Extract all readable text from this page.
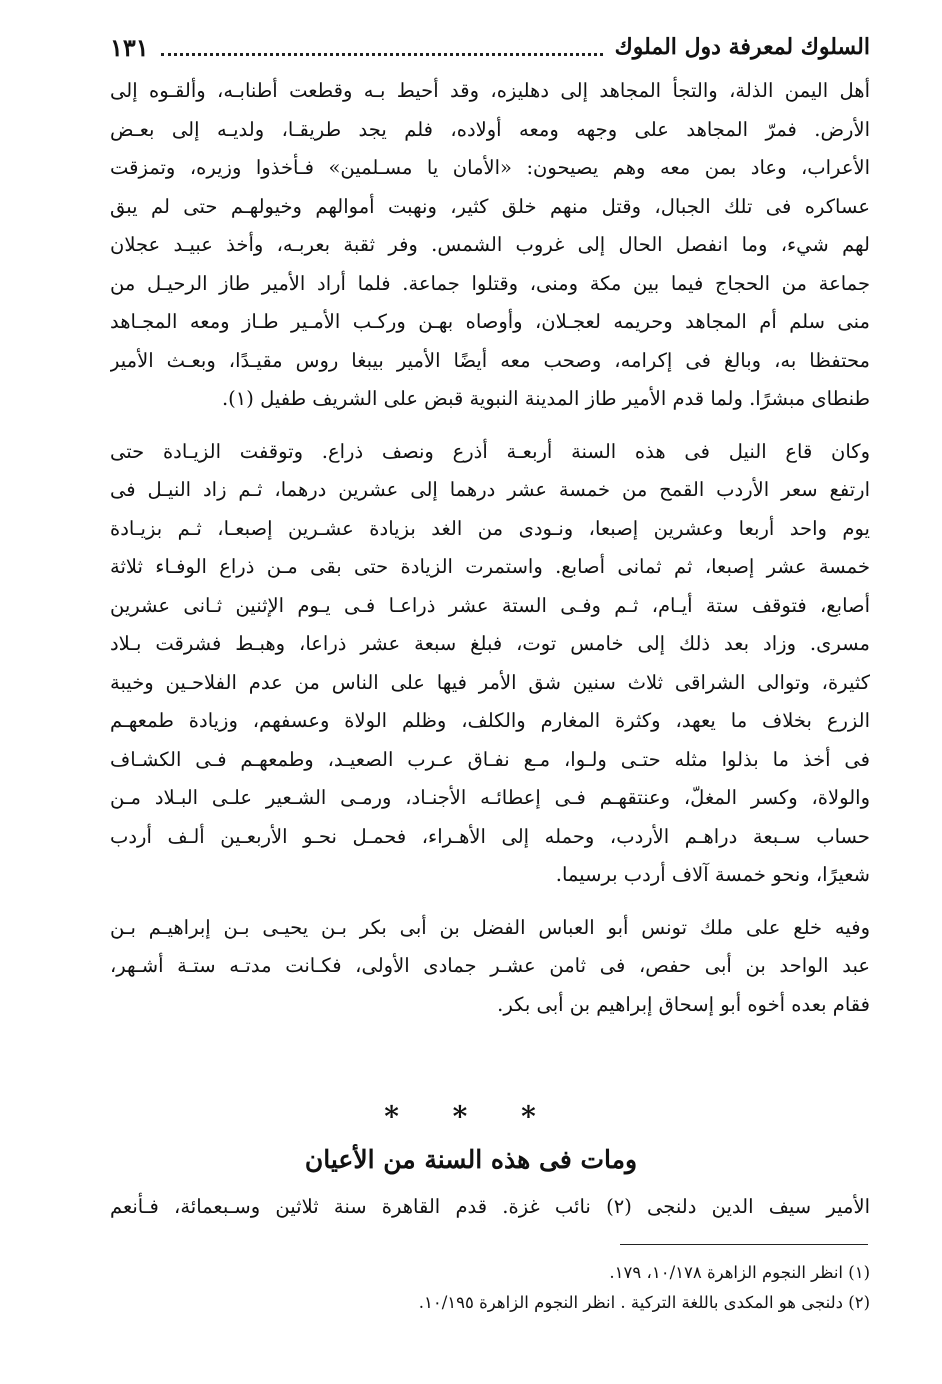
السلوك لمعرفة دول الملوك
١٣١

أهل اليمن الذلة، والتجأ المجاهد إلى دهليزه، وقد أحيط بـه وقطعت أطنابـه، وألقـوه إلى
الأرض. فمرّ المجاهد على وجهه ومعه أولاده، فلم يجد طريقـا، ولديـه إلى بعـض
الأعراب، وعاد بمن معه وهم يصيحون: «الأمان يا مسـلمين» فـأخذوا وزيره، وتمزقت
عساكره فى تلك الجبال، وقتل منهم خلق كثير، ونهبت أموالهم وخيولهـم حتى لم يبق
لهم شيء، وما انفصل الحال إلى غروب الشمس. وفر ثقبة بعربـه، وأخذ عبيـد عجلان
جماعة من الحجاج فيما بين مكة ومنى، وقتلوا جماعة. فلما أراد الأمير طاز الرحيـل من
منى سلم أم المجاهد وحريمه لعجـلان، وأوصاه بهـن وركـب الأمـير طـاز ومعه المجـاهد
محتفظا به، وبالغ فى إكرامه، وصحب معه أيضًا الأمير بيبغا روس مقيـدًا، وبعـث الأمير
طنطاى مبشرًا. ولما قدم الأمير طاز المدينة النبوية قبض على الشريف طفيل (١).

وكان قاع النيل فى هذه السنة أربعـة أذرع ونصف ذراع. وتوقفت الزيـادة حتى
ارتفع سعر الأردب القمح من خمسة عشر درهما إلى عشرين درهما، ثـم زاد النيـل فى
يوم واحد أربعا وعشرين إصبعا، ونـودى من الغد بزيادة عشـرين إصبعـا، ثـم بزيـادة
خمسة عشر إصبعا، ثم ثمانى أصابع. واستمرت الزيادة حتى بقى مـن ذراع الوفـاء ثلاثة
أصابع، فتوقف ستة أيـام، ثـم وفـى الستة عشر ذراعـا فـى يـوم الإثنين ثـانى عشرين
مسرى. وزاد بعد ذلك إلى خامس توت، فبلغ سبعة عشر ذراعا، وهبـط فشرقت بـلاد
كثيرة، وتوالى الشراقى ثلاث سنين شق الأمر فيها على الناس من عدم الفلاحـين وخيبة
الزرع بخلاف ما يعهد، وكثرة المغارم والكلف، وظلم الولاة وعسفهم، وزيادة طمعهـم
فى أخذ ما بذلوا مثله حتـى ولـوا، مـع نفـاق عـرب الصعيـد، وطمعهـم فـى الكشـاف
والولاة، وكسر المغلّ، وعنتقهـم فـى إعطائـه الأجنـاد، ورمـى الشـعير علـى البـلاد مـن
حساب سـبعة دراهـم الأردب، وحمله إلى الأهـراء، فحمـل نحـو الأربعـين ألـف أردب
شعيرًا، ونحو خمسة آلاف أردب برسيما.

وفيه خلع على ملك تونس أبو العباس الفضل بن أبى بكر بـن يحيـى بـن إبراهيـم بـن
عبد الواحد بن أبى حفص، فى ثامن عشـر جمادى الأولى، فكـانت مدتـه ستـة أشـهر،
فقام بعده أخوه أبو إسحاق إبراهيم بن أبى بكر.

* * *
ومات فى هذه السنة من الأعيان
الأمير سيف الدين دلنجى (٢) نائب غزة. قدم القاهرة سنة ثلاثين وسـبعمائة، فـأنعم
(١) انظر النجوم الزاهرة ١٠/١٧٨، ١٧٩.
(٢) دلنجى هو المكدى باللغة التركية . انظر النجوم الزاهرة ١٠/١٩٥.
